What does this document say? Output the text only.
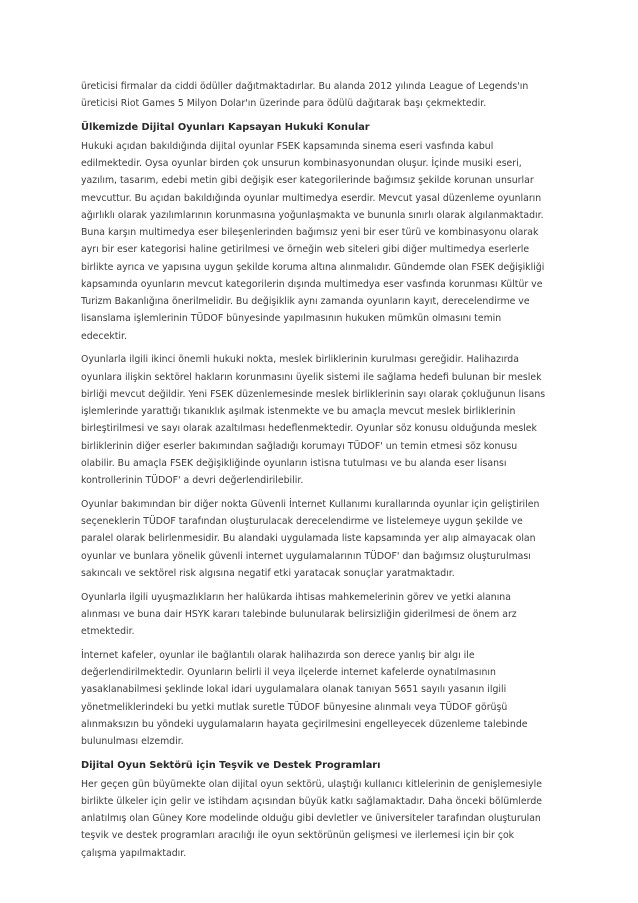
üreticisi firmalar da ciddi ödüller dağıtmaktadırlar. Bu alanda 2012 yılında League of Legends'ın
üreticisi Riot Games 5 Milyon Dolar'ın üzerinde para ödülü dağıtarak başı çekmektedir.

Ülkemizde Dijital Oyunları Kapsayan Hukuki Konular

Hukuki açıdan bakıldığında dijital oyunlar FSEK kapsamında sinema eseri vasfında kabul
edilmektedir. Oysa oyunlar birden çok unsurun kombinasyonundan oluşur. İçinde musiki eseri,
yazılım, tasarım, edebi metin gibi değişik eser kategorilerinde bağımsız şekilde korunan unsurlar
mevcuttur. Bu açıdan bakıldığında oyunlar multimedya eserdir. Mevcut yasal düzenleme oyunların
ağırlıklı olarak yazılımlarının korunmasına yoğunlaşmakta ve bununla sınırlı olarak algılanmaktadır.
Buna karşın multimedya eser bileşenlerinden bağımsız yeni bir eser türü ve kombinasyonu olarak
ayrı bir eser kategorisi haline getirilmesi ve örneğin web siteleri gibi diğer multimedya eserlerle
birlikte ayrıca ve yapısına uygun şekilde koruma altına alınmalıdır. Gündemde olan FSEK değişikliği
kapsamında oyunların mevcut kategorilerin dışında multimedya eser vasfında korunması Kültür ve
Turizm Bakanlığına önerilmelidir. Bu değişiklik aynı zamanda oyunların kayıt, derecelendirme ve
lisanslama işlemlerinin TÜDOF bünyesinde yapılmasının hukuken mümkün olmasını temin
edecektir.

Oyunlarla ilgili ikinci önemli hukuki nokta, meslek birliklerinin kurulması gereğidir. Halihazırda
oyunlara ilişkin sektörel hakların korunmasını üyelik sistemi ile sağlama hedefi bulunan bir meslek
birliği mevcut değildir. Yeni FSEK düzenlemesinde meslek birliklerinin sayı olarak çokluğunun lisans
işlemlerinde yarattığı tıkanıklık aşılmak istenmekte ve bu amaçla mevcut meslek birliklerinin
birleştirilmesi ve sayı olarak azaltılması hedeflenmektedir. Oyunlar söz konusu olduğunda meslek
birliklerinin diğer eserler bakımından sağladığı korumayı TÜDOF' un temin etmesi söz konusu
olabilir. Bu amaçla FSEK değişikliğinde oyunların istisna tutulması ve bu alanda eser lisansı
kontrollerinin TÜDOF' a devri değerlendirilebilir.

Oyunlar bakımından bir diğer nokta Güvenli İnternet Kullanımı kurallarında oyunlar için geliştirilen
seçeneklerin TÜDOF tarafından oluşturulacak derecelendirme ve listelemeye uygun şekilde ve
paralel olarak belirlenmesidir. Bu alandaki uygulamada liste kapsamında yer alıp almayacak olan
oyunlar ve bunlara yönelik güvenli internet uygulamalarının TÜDOF' dan bağımsız oluşturulması
sakıncalı ve sektörel risk algısına negatif etki yaratacak sonuçlar yaratmaktadır.

Oyunlarla ilgili uyuşmazlıkların her halükarda ihtisas mahkemelerinin görev ve yetki alanına
alınması ve buna dair HSYK kararı talebinde bulunularak belirsizliğin giderilmesi de önem arz
etmektedir.

İnternet kafeler, oyunlar ile bağlantılı olarak halihazırda son derece yanlış bir algı ile
değerlendirilmektedir. Oyunların belirli il veya ilçelerde internet kafelerde oynatılmasının
yasaklanabilmesi şeklinde lokal idari uygulamalara olanak tanıyan 5651 sayılı yasanın ilgili
yönetmeliklerindeki bu yetki mutlak suretle TÜDOF bünyesine alınmalı veya TÜDOF görüşü
alınmaksızın bu yöndeki uygulamaların hayata geçirilmesini engelleyecek düzenleme talebinde
bulunulması elzemdir.

Dijital Oyun Sektörü için Teşvik ve Destek Programları

Her geçen gün büyümekte olan dijital oyun sektörü, ulaştığı kullanıcı kitlelerinin de genişlemesiyle
birlikte ülkeler için gelir ve istihdam açısından büyük katkı sağlamaktadır. Daha önceki bölümlerde
anlatılmış olan Güney Kore modelinde olduğu gibi devletler ve üniversiteler tarafından oluşturulan
teşvik ve destek programları aracılığı ile oyun sektörünün gelişmesi ve ilerlemesi için bir çok
çalışma yapılmaktadır.
